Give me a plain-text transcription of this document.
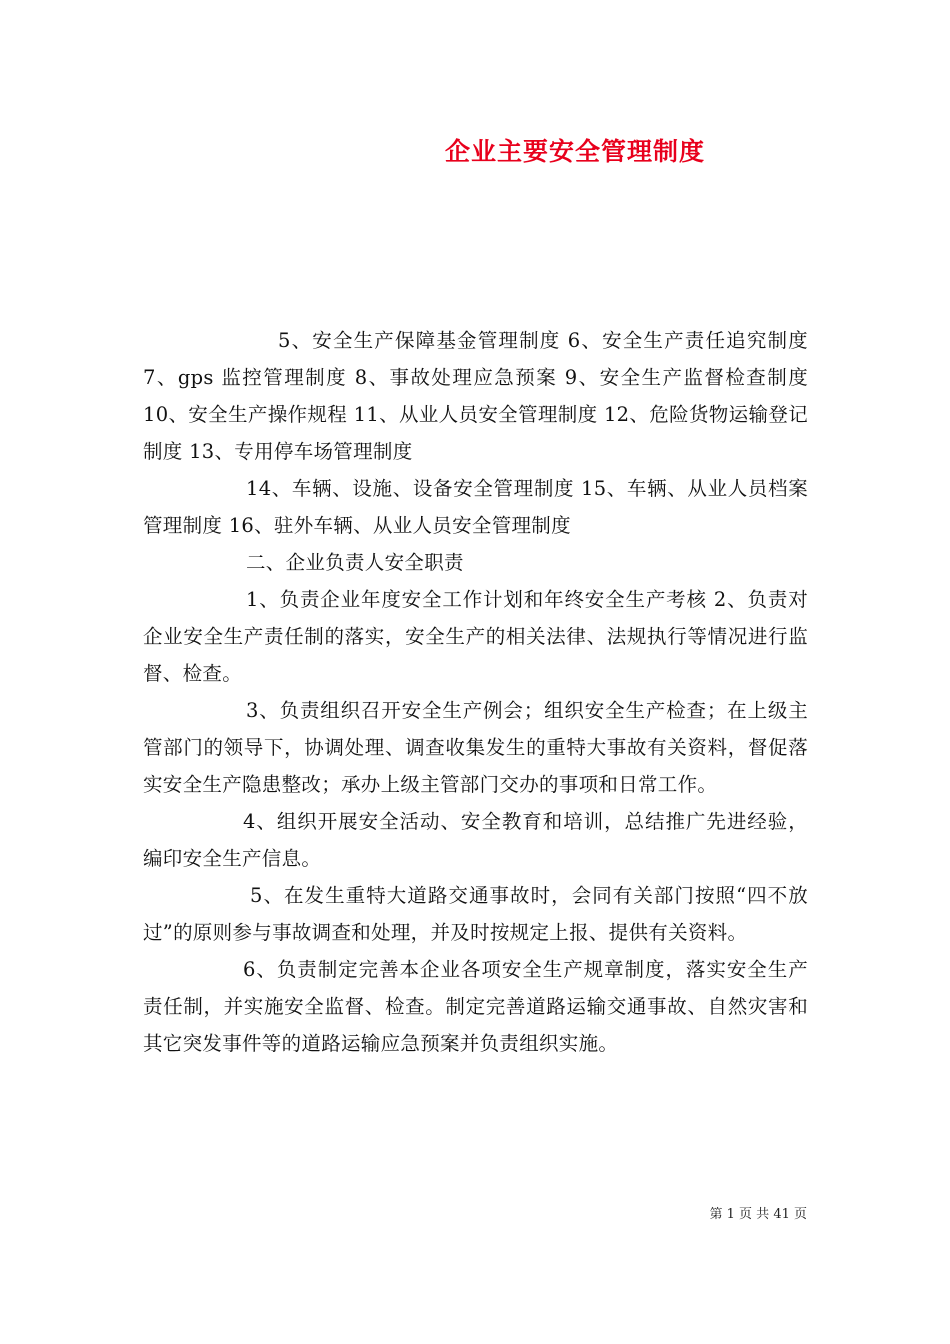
企业主要安全管理制度

5、安全生产保障基金管理制度 6、安全生产责任追究制度 7、gps 监控管理制度 8、事故处理应急预案 9、安全生产监督检查制度 10、安全生产操作规程 11、从业人员安全管理制度 12、危险货物运输登记制度 13、专用停车场管理制度

14、车辆、设施、设备安全管理制度 15、车辆、从业人员档案管理制度 16、驻外车辆、从业人员安全管理制度

二、企业负责人安全职责

1、负责企业年度安全工作计划和年终安全生产考核 2、负责对企业安全生产责任制的落实，安全生产的相关法律、法规执行等情况进行监督、检查。

3、负责组织召开安全生产例会；组织安全生产检查；在上级主管部门的领导下，协调处理、调查收集发生的重特大事故有关资料，督促落实安全生产隐患整改；承办上级主管部门交办的事项和日常工作。

4、组织开展安全活动、安全教育和培训，总结推广先进经验，编印安全生产信息。

5、在发生重特大道路交通事故时，会同有关部门按照“四不放过”的原则参与事故调查和处理，并及时按规定上报、提供有关资料。

6、负责制定完善本企业各项安全生产规章制度，落实安全生产责任制，并实施安全监督、检查。制定完善道路运输交通事故、自然灾害和其它突发事件等的道路运输应急预案并负责组织实施。

第 1 页 共 41 页
